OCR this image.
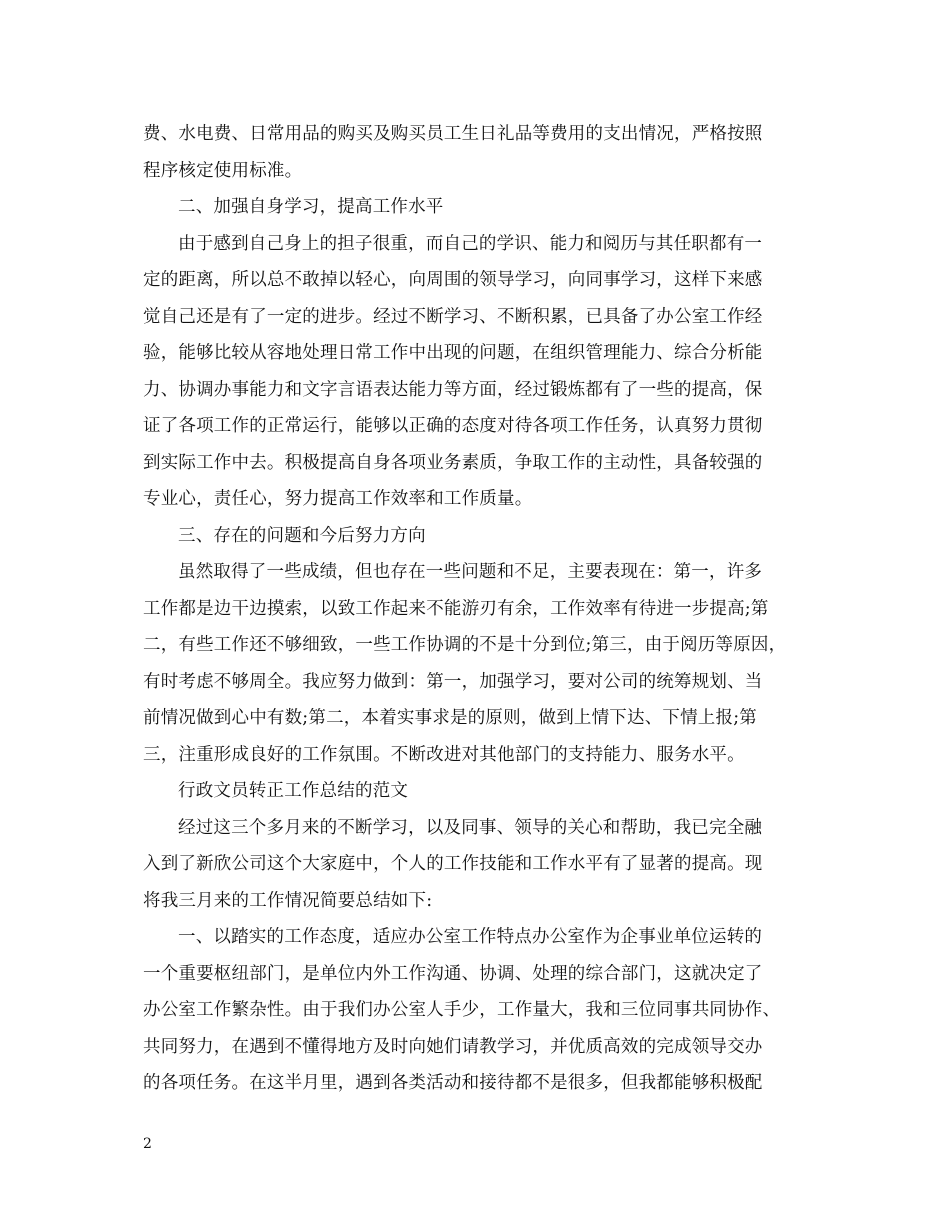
费、水电费、日常用品的购买及购买员工生日礼品等费用的支出情况，严格按照
程序核定使用标准。
二、加强自身学习，提高工作水平
由于感到自己身上的担子很重，而自己的学识、能力和阅历与其任职都有一
定的距离，所以总不敢掉以轻心，向周围的领导学习，向同事学习，这样下来感
觉自己还是有了一定的进步。经过不断学习、不断积累，已具备了办公室工作经
验，能够比较从容地处理日常工作中出现的问题，在组织管理能力、综合分析能
力、协调办事能力和文字言语表达能力等方面，经过锻炼都有了一些的提高，保
证了各项工作的正常运行，能够以正确的态度对待各项工作任务，认真努力贯彻
到实际工作中去。积极提高自身各项业务素质，争取工作的主动性，具备较强的
专业心，责任心，努力提高工作效率和工作质量。
三、存在的问题和今后努力方向
虽然取得了一些成绩，但也存在一些问题和不足，主要表现在：第一，许多
工作都是边干边摸索，以致工作起来不能游刃有余，工作效率有待进一步提高;第
二，有些工作还不够细致，一些工作协调的不是十分到位;第三，由于阅历等原因，
有时考虑不够周全。我应努力做到：第一，加强学习，要对公司的统筹规划、当
前情况做到心中有数;第二，本着实事求是的原则，做到上情下达、下情上报;第
三，注重形成良好的工作氛围。不断改进对其他部门的支持能力、服务水平。
行政文员转正工作总结的范文
经过这三个多月来的不断学习，以及同事、领导的关心和帮助，我已完全融
入到了新欣公司这个大家庭中，个人的工作技能和工作水平有了显著的提高。现
将我三月来的工作情况简要总结如下:
一、以踏实的工作态度，适应办公室工作特点办公室作为企事业单位运转的
一个重要枢纽部门，是单位内外工作沟通、协调、处理的综合部门，这就决定了
办公室工作繁杂性。由于我们办公室人手少，工作量大，我和三位同事共同协作、
共同努力，在遇到不懂得地方及时向她们请教学习，并优质高效的完成领导交办
的各项任务。在这半月里，遇到各类活动和接待都不是很多，但我都能够积极配
2
